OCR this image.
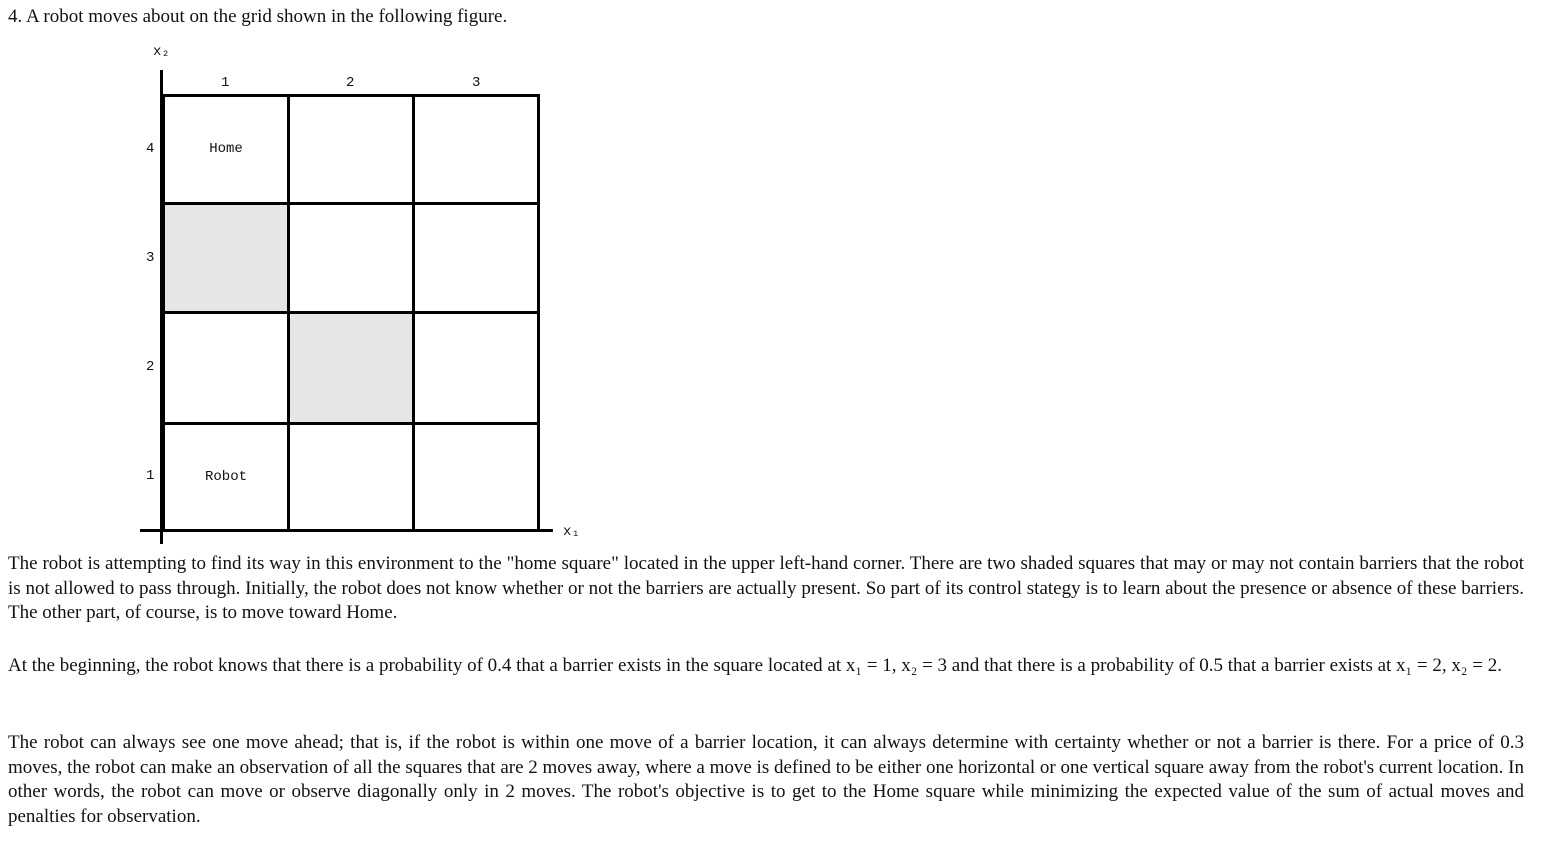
4. A robot moves about on the grid shown in the following figure.
x₂
x₁
1	2	3
4
3
2
1
Home
Robot

The robot is attempting to find its way in this environment to the "home square" located in the upper left-hand corner. There are two shaded squares that may or may not contain barriers that the robot is not allowed to pass through. Initially, the robot does not know whether or not the barriers are actually present. So part of its control stategy is to learn about the presence or absence of these barriers. The other part, of course, is to move toward Home.

At the beginning, the robot knows that there is a probability of 0.4 that a barrier exists in the square located at x₁ = 1, x₂ = 3 and that there is a probability of 0.5 that a barrier exists at x₁ = 2, x₂ = 2.

The robot can always see one move ahead; that is, if the robot is within one move of a barrier location, it can always determine with certainty whether or not a barrier is there. For a price of 0.3 moves, the robot can make an observation of all the squares that are 2 moves away, where a move is defined to be either one horizontal or one vertical square away from the robot's current location. In other words, the robot can move or observe diagonally only in 2 moves. The robot's objective is to get to the Home square while minimizing the expected value of the sum of actual moves and penalties for observation.
